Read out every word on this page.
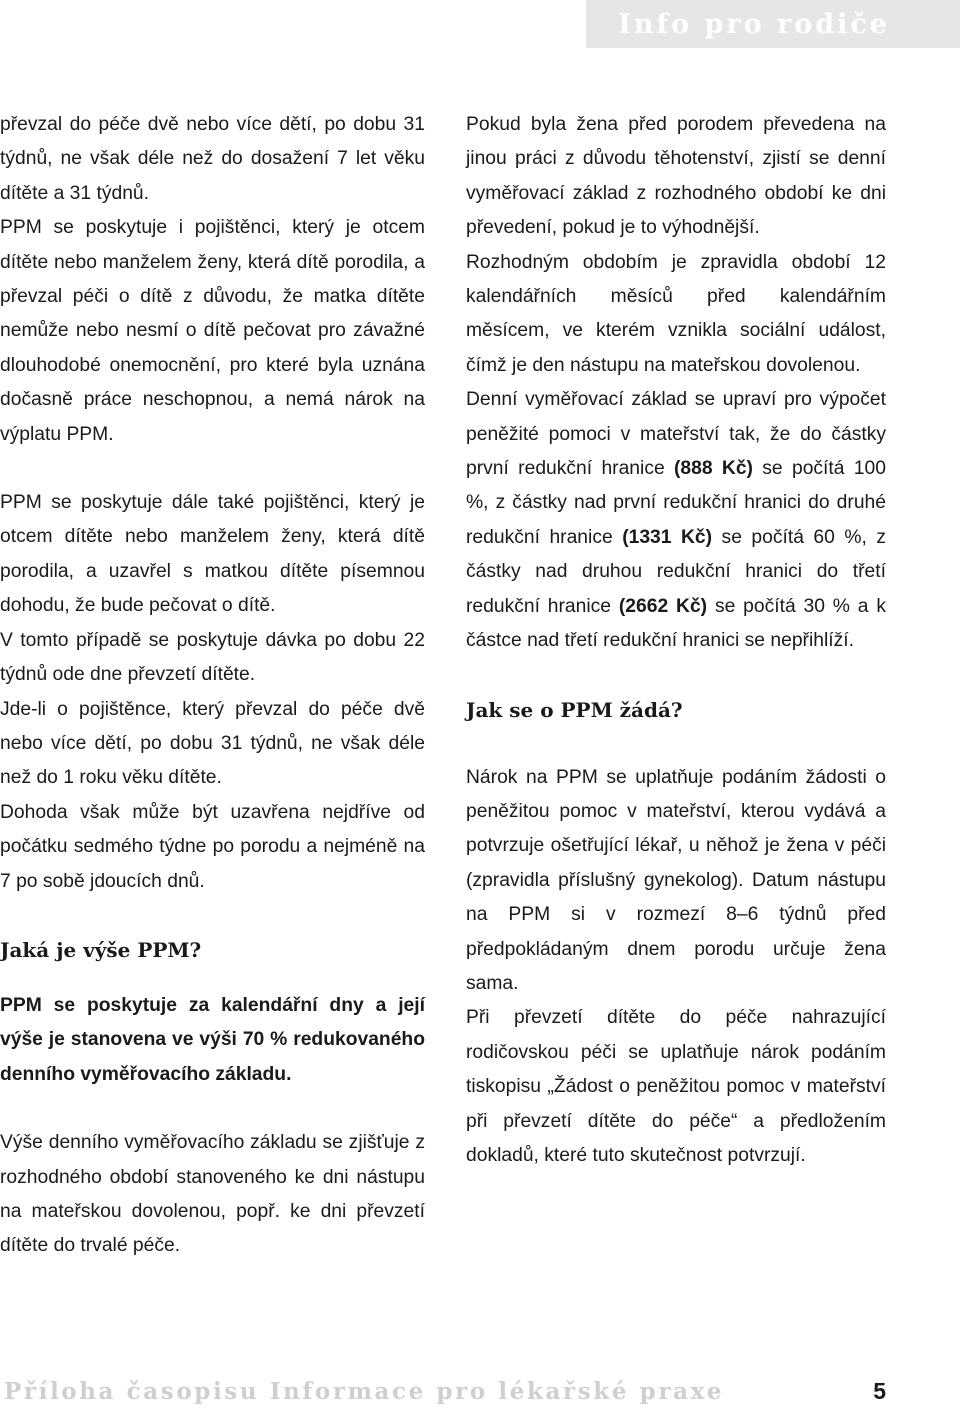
Info pro rodiče

převzal do péče dvě nebo více dětí, po dobu 31 týdnů, ne však déle než do dosažení 7 let věku dítěte a 31 týdnů.

PPM se poskytuje i pojištěnci, který je otcem dítěte nebo manželem ženy, která dítě porodila, a převzal péči o dítě z důvodu, že matka dítěte nemůže nebo nesmí o dítě pečovat pro závažné dlouhodobé onemocnění, pro které byla uznána dočasně práce neschopnou, a nemá nárok na výplatu PPM.

PPM se poskytuje dále také pojištěnci, který je otcem dítěte nebo manželem ženy, která dítě porodila, a uzavřel s matkou dítěte písemnou dohodu, že bude pečovat o dítě.

V tomto případě se poskytuje dávka po dobu 22 týdnů ode dne převzetí dítěte.

Jde-li o pojištěnce, který převzal do péče dvě nebo více dětí, po dobu 31 týdnů, ne však déle než do 1 roku věku dítěte.

Dohoda však může být uzavřena nejdříve od počátku sedmého týdne po porodu a nejméně na 7 po sobě jdoucích dnů.

Jaká je výše PPM?

PPM se poskytuje za kalendářní dny a její výše je stanovena ve výši 70 % redukovaného denního vyměřovacího základu.

Výše denního vyměřovacího základu se zjišťuje z rozhodného období stanoveného ke dni nástupu na mateřskou dovolenou, popř. ke dni převzetí dítěte do trvalé péče.

Pokud byla žena před porodem převedena na jinou práci z důvodu těhotenství, zjistí se denní vyměřovací základ z rozhodného období ke dni převedení, pokud je to výhodnější.

Rozhodným obdobím je zpravidla období 12 kalendářních měsíců před kalendářním měsícem, ve kterém vznikla sociální událost, čímž je den nástupu na mateřskou dovolenou.

Denní vyměřovací základ se upraví pro výpočet peněžité pomoci v mateřství tak, že do částky první redukční hranice (888 Kč) se počítá 100 %, z částky nad první redukční hranici do druhé redukční hranice (1331 Kč) se počítá 60 %, z částky nad druhou redukční hranici do třetí redukční hranice (2662 Kč) se počítá 30 % a k částce nad třetí redukční hranici se nepřihlíží.

Jak se o PPM žádá?

Nárok na PPM se uplatňuje podáním žádosti o peněžitou pomoc v mateřství, kterou vydává a potvrzuje ošetřující lékař, u něhož je žena v péči (zpravidla příslušný gynekolog). Datum nástupu na PPM si v rozmezí 8–6 týdnů před předpokládaným dnem porodu určuje žena sama.

Při převzetí dítěte do péče nahrazující rodičovskou péči se uplatňuje nárok podáním tiskopisu „Žádost o peněžitou pomoc v mateřství při převzetí dítěte do péče“ a předložením dokladů, které tuto skutečnost potvrzují.

Příloha časopisu Informace pro lékařské praxe	5
